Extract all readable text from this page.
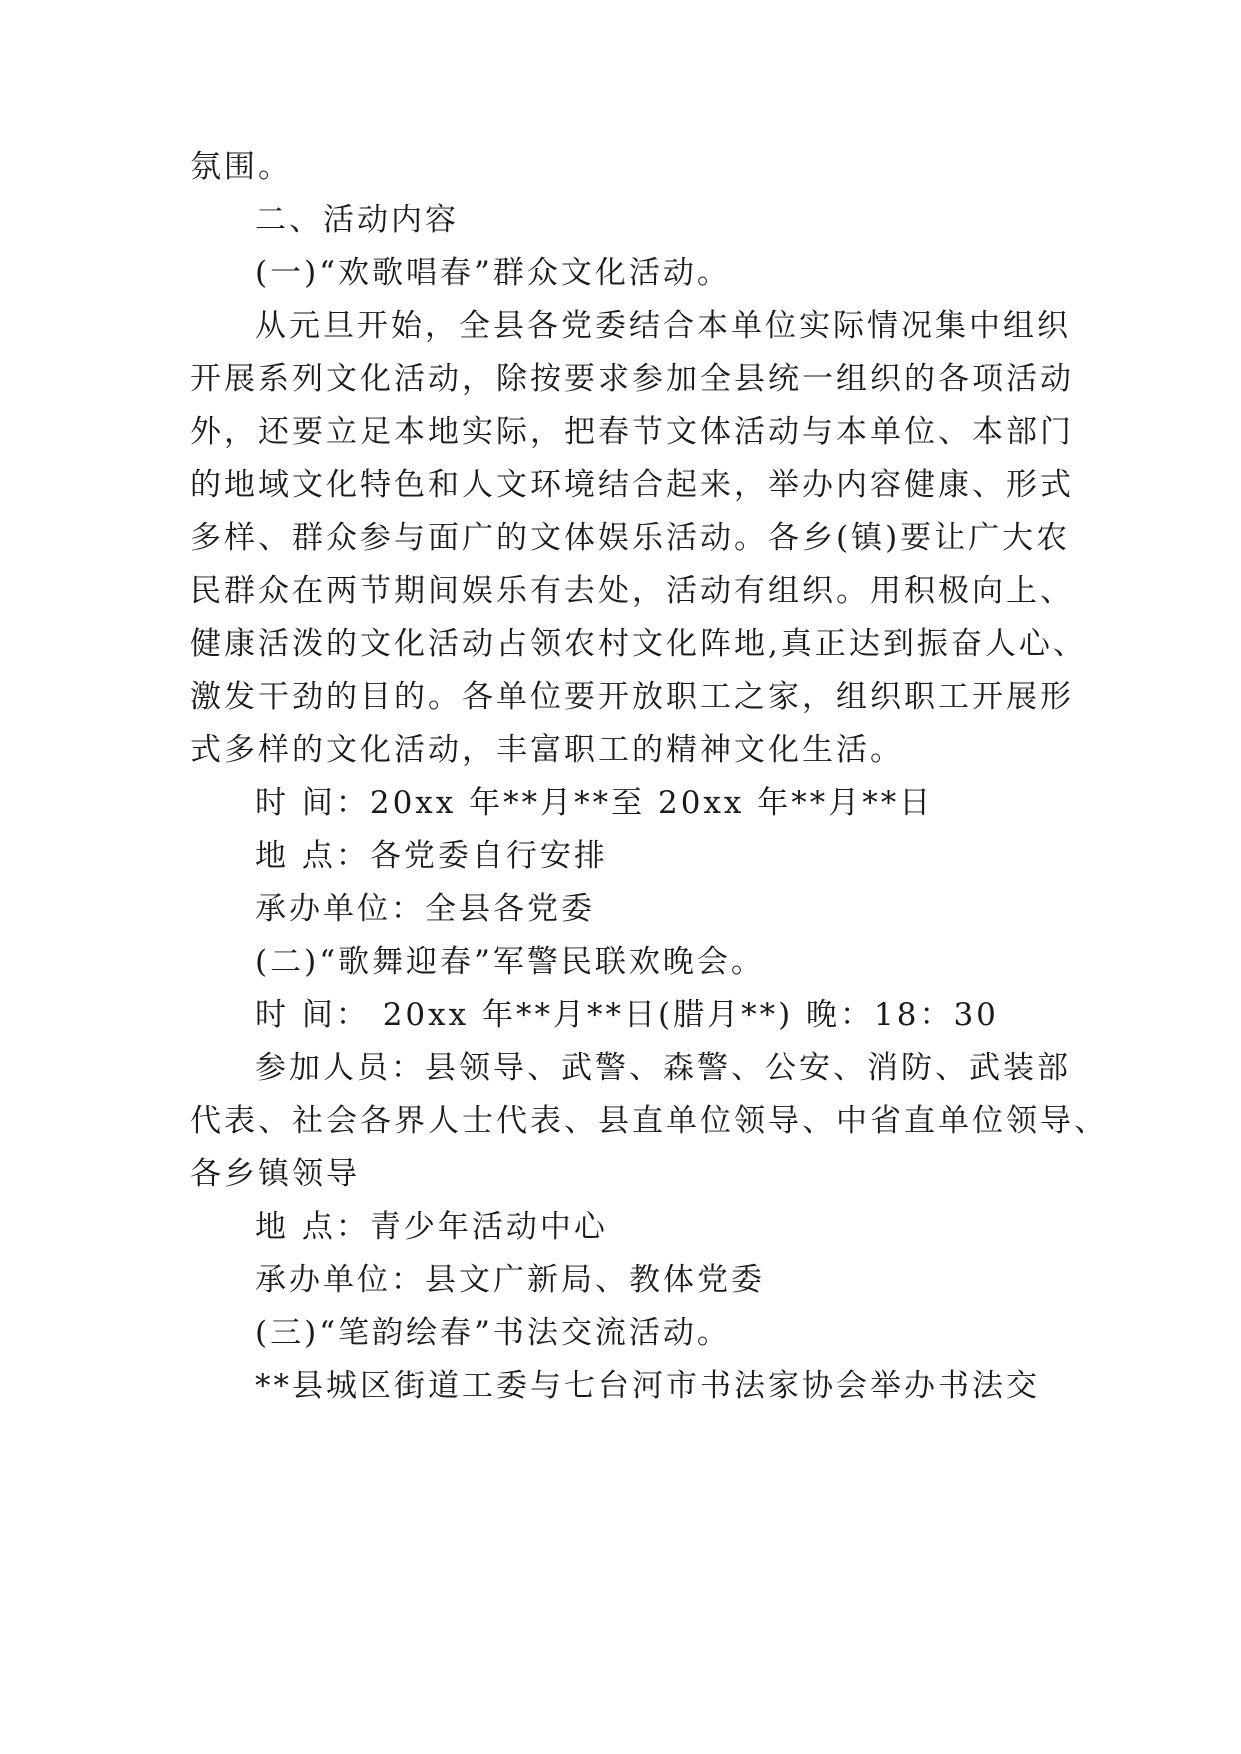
氛围。
二、活动内容
(一)“欢歌唱春”群众文化活动。
从元旦开始，全县各党委结合本单位实际情况集中组织
开展系列文化活动，除按要求参加全县统一组织的各项活动
外，还要立足本地实际，把春节文体活动与本单位、本部门
的地域文化特色和人文环境结合起来，举办内容健康、形式
多样、群众参与面广的文体娱乐活动。各乡(镇)要让广大农
民群众在两节期间娱乐有去处，活动有组织。用积极向上、
健康活泼的文化活动占领农村文化阵地,真正达到振奋人心、
激发干劲的目的。各单位要开放职工之家，组织职工开展形
式多样的文化活动，丰富职工的精神文化生活。
时 间：20xx 年**月**至 20xx 年**月**日
地 点：各党委自行安排
承办单位：全县各党委
(二)“歌舞迎春”军警民联欢晚会。
时 间： 20xx 年**月**日(腊月**) 晚：18：30
参加人员：县领导、武警、森警、公安、消防、武装部
代表、社会各界人士代表、县直单位领导、中省直单位领导、
各乡镇领导
地 点：青少年活动中心
承办单位：县文广新局、教体党委
(三)“笔韵绘春”书法交流活动。
**县城区街道工委与七台河市书法家协会举办书法交
